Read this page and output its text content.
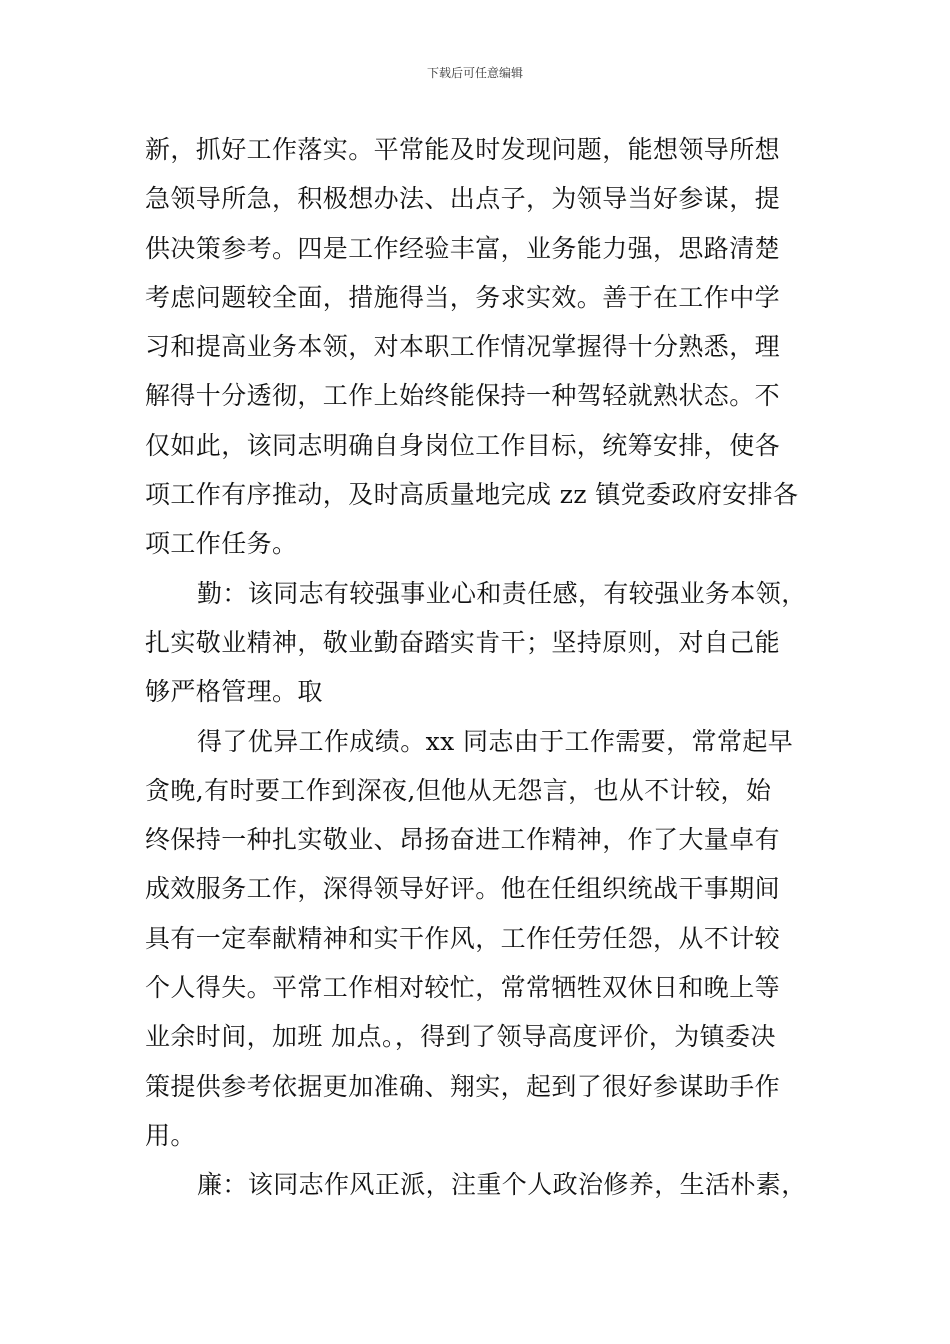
下载后可任意编辑
新，抓好工作落实。平常能及时发现问题，能想领导所想
急领导所急，积极想办法、出点子，为领导当好参谋，提
供决策参考。四是工作经验丰富，业务能力强，思路清楚
考虑问题较全面，措施得当，务求实效。善于在工作中学
习和提高业务本领，对本职工作情况掌握得十分熟悉，理
解得十分透彻，工作上始终能保持一种驾轻就熟状态。不
仅如此，该同志明确自身岗位工作目标，统筹安排，使各
项工作有序推动，及时高质量地完成 zz 镇党委政府安排各
项工作任务。
勤：该同志有较强事业心和责任感，有较强业务本领，
扎实敬业精神，敬业勤奋踏实肯干；坚持原则，对自己能
够严格管理。取
得了优异工作成绩。xx 同志由于工作需要，常常起早
贪晚,有时要工作到深夜,但他从无怨言，也从不计较，始
终保持一种扎实敬业、昂扬奋进工作精神，作了大量卓有
成效服务工作，深得领导好评。他在任组织统战干事期间
具有一定奉献精神和实干作风，工作任劳任怨，从不计较
个人得失。平常工作相对较忙，常常牺牲双休日和晚上等
业余时间，加班 加点。，得到了领导高度评价，为镇委决
策提供参考依据更加准确、翔实，起到了很好参谋助手作
用。
廉：该同志作风正派，注重个人政治修养，生活朴素，
